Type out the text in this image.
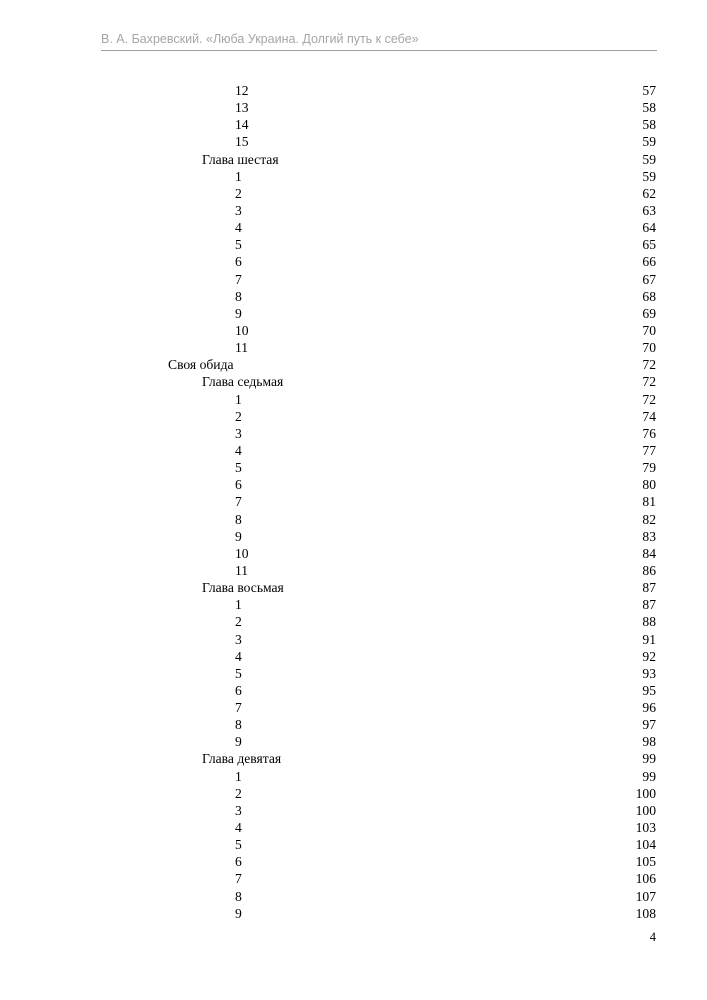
В. А. Бахревский. «Люба Украина. Долгий путь к себе»
12	57
13	58
14	58
15	59
Глава шестая	59
1	59
2	62
3	63
4	64
5	65
6	66
7	67
8	68
9	69
10	70
11	70
Своя обида	72
Глава седьмая	72
1	72
2	74
3	76
4	77
5	79
6	80
7	81
8	82
9	83
10	84
11	86
Глава восьмая	87
1	87
2	88
3	91
4	92
5	93
6	95
7	96
8	97
9	98
Глава девятая	99
1	99
2	100
3	100
4	103
5	104
6	105
7	106
8	107
9	108
4
